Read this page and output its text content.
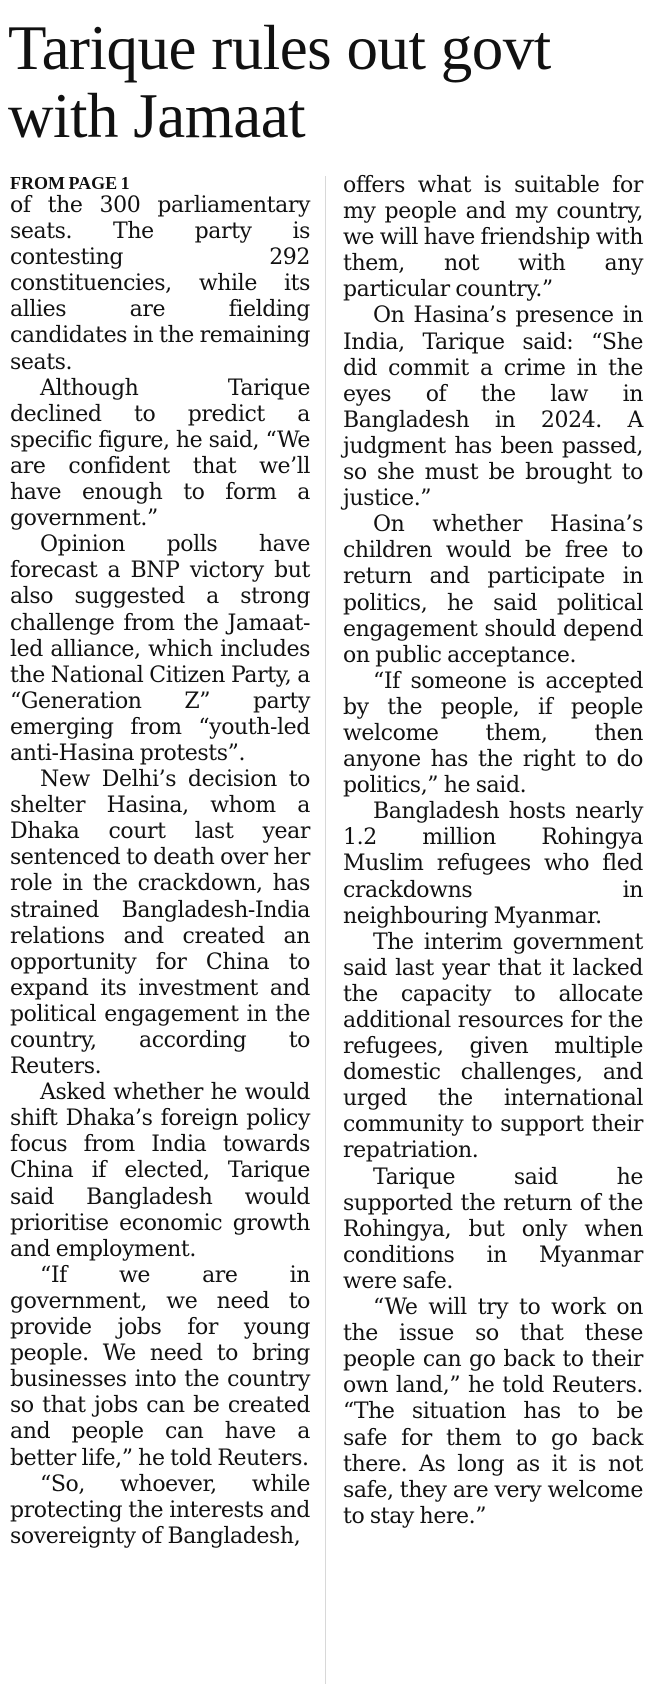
Tarique rules out govt with Jamaat
FROM PAGE 1

of the 300 parliamentary seats. The party is contesting 292 constituencies, while its allies are fielding candidates in the remaining seats.

Although Tarique declined to predict a specific figure, he said, “We are confident that we’ll have enough to form a government.”

Opinion polls have forecast a BNP victory but also suggested a strong challenge from the Jamaat-led alliance, which includes the National Citizen Party, a “Generation Z” party emerging from “youth-led anti-Hasina protests”.

New Delhi’s decision to shelter Hasina, whom a Dhaka court last year sentenced to death over her role in the crackdown, has strained Bangladesh-India relations and created an opportunity for China to expand its investment and political engagement in the country, according to Reuters.

Asked whether he would shift Dhaka’s foreign policy focus from India towards China if elected, Tarique said Bangladesh would prioritise economic growth and employment.

“If we are in government, we need to provide jobs for young people. We need to bring businesses into the country so that jobs can be created and people can have a better life,” he told Reuters.

“So, whoever, while protecting the interests and sovereignty of Bangladesh,

offers what is suitable for my people and my country, we will have friendship with them, not with any particular country.”

On Hasina’s presence in India, Tarique said: “She did commit a crime in the eyes of the law in Bangladesh in 2024. A judgment has been passed, so she must be brought to justice.”

On whether Hasina’s children would be free to return and participate in politics, he said political engagement should depend on public acceptance.

“If someone is accepted by the people, if people welcome them, then anyone has the right to do politics,” he said.

Bangladesh hosts nearly 1.2 million Rohingya Muslim refugees who fled crackdowns in neighbouring Myanmar.

The interim government said last year that it lacked the capacity to allocate additional resources for the refugees, given multiple domestic challenges, and urged the international community to support their repatriation.

Tarique said he supported the return of the Rohingya, but only when conditions in Myanmar were safe.

“We will try to work on the issue so that these people can go back to their own land,” he told Reuters. “The situation has to be safe for them to go back there. As long as it is not safe, they are very welcome to stay here.”
